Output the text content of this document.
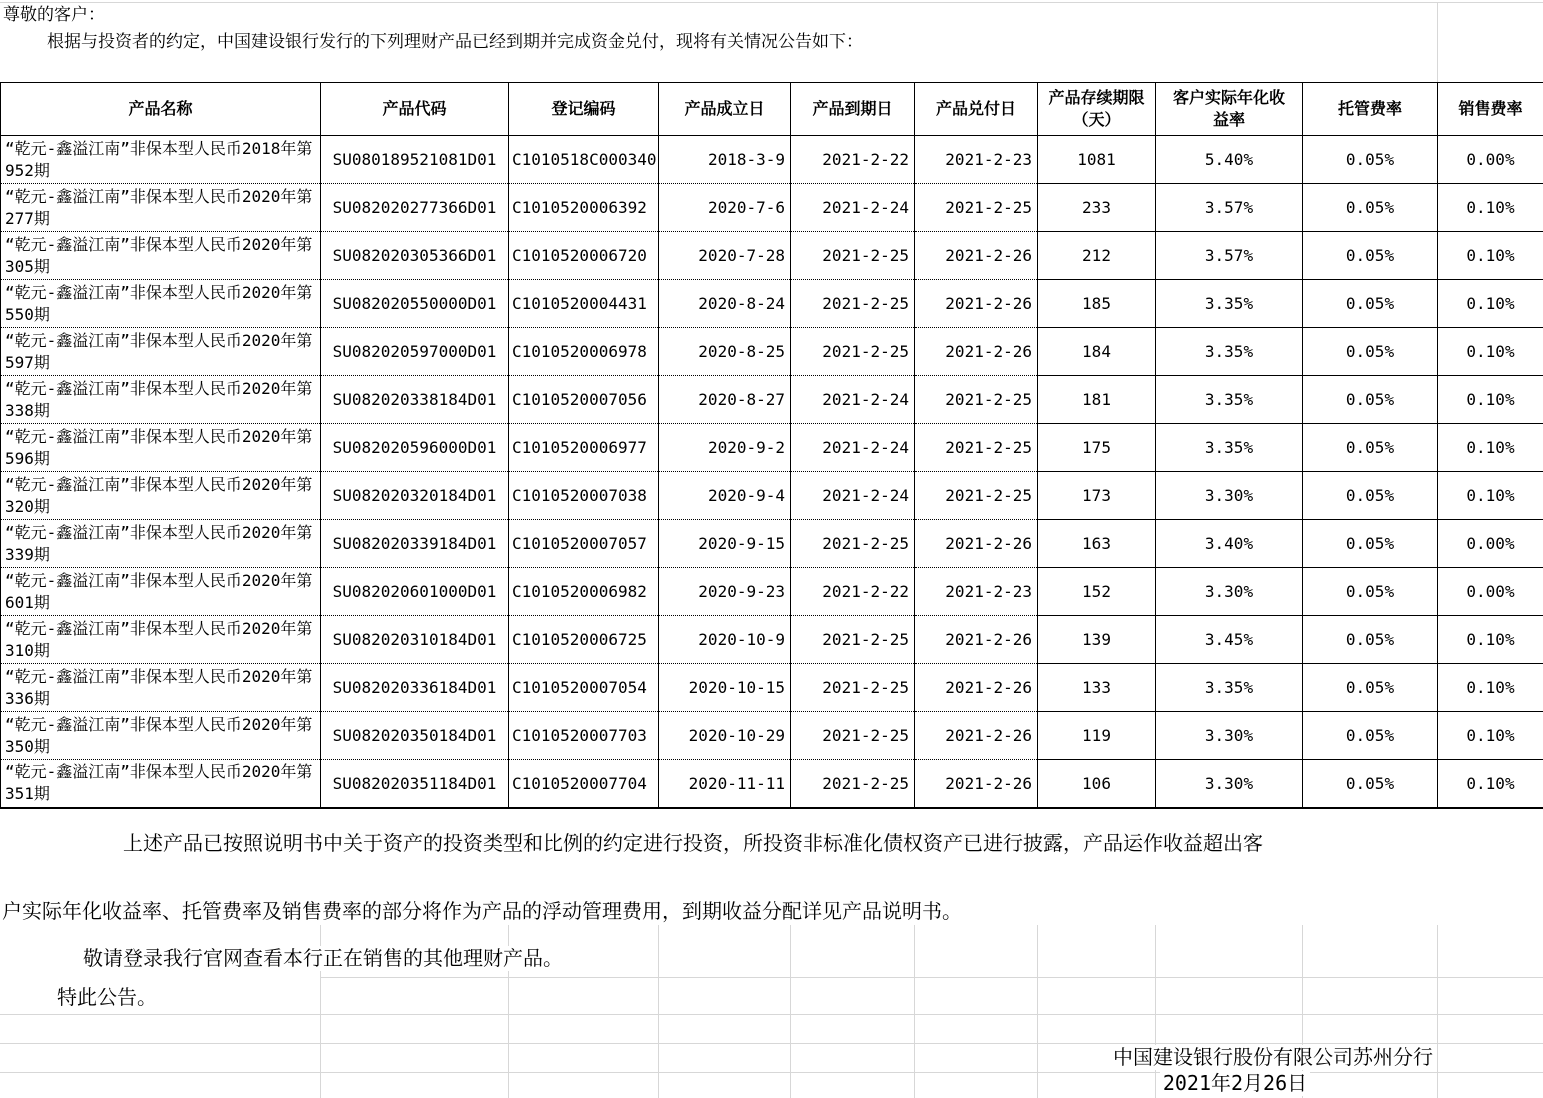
尊敬的客户：
根据与投资者的约定，中国建设银行发行的下列理财产品已经到期并完成资金兑付，现将有关情况公告如下：
产品名称	产品代码	登记编码	产品成立日	产品到期日	产品兑付日	产品存续期限（天）	客户实际年化收益率	托管费率	销售费率
“乾元-鑫溢江南”非保本型人民币2018年第952期	SU080189521081D01	C1010518C000340	2018-3-9	2021-2-22	2021-2-23	1081	5.40%	0.05%	0.00%
“乾元-鑫溢江南”非保本型人民币2020年第277期	SU082020277366D01	C1010520006392	2020-7-6	2021-2-24	2021-2-25	233	3.57%	0.05%	0.10%
“乾元-鑫溢江南”非保本型人民币2020年第305期	SU082020305366D01	C1010520006720	2020-7-28	2021-2-25	2021-2-26	212	3.57%	0.05%	0.10%
“乾元-鑫溢江南”非保本型人民币2020年第550期	SU082020550000D01	C1010520004431	2020-8-24	2021-2-25	2021-2-26	185	3.35%	0.05%	0.10%
“乾元-鑫溢江南”非保本型人民币2020年第597期	SU082020597000D01	C1010520006978	2020-8-25	2021-2-25	2021-2-26	184	3.35%	0.05%	0.10%
“乾元-鑫溢江南”非保本型人民币2020年第338期	SU082020338184D01	C1010520007056	2020-8-27	2021-2-24	2021-2-25	181	3.35%	0.05%	0.10%
“乾元-鑫溢江南”非保本型人民币2020年第596期	SU082020596000D01	C1010520006977	2020-9-2	2021-2-24	2021-2-25	175	3.35%	0.05%	0.10%
“乾元-鑫溢江南”非保本型人民币2020年第320期	SU082020320184D01	C1010520007038	2020-9-4	2021-2-24	2021-2-25	173	3.30%	0.05%	0.10%
“乾元-鑫溢江南”非保本型人民币2020年第339期	SU082020339184D01	C1010520007057	2020-9-15	2021-2-25	2021-2-26	163	3.40%	0.05%	0.00%
“乾元-鑫溢江南”非保本型人民币2020年第601期	SU082020601000D01	C1010520006982	2020-9-23	2021-2-22	2021-2-23	152	3.30%	0.05%	0.00%
“乾元-鑫溢江南”非保本型人民币2020年第310期	SU082020310184D01	C1010520006725	2020-10-9	2021-2-25	2021-2-26	139	3.45%	0.05%	0.10%
“乾元-鑫溢江南”非保本型人民币2020年第336期	SU082020336184D01	C1010520007054	2020-10-15	2021-2-25	2021-2-26	133	3.35%	0.05%	0.10%
“乾元-鑫溢江南”非保本型人民币2020年第350期	SU082020350184D01	C1010520007703	2020-10-29	2021-2-25	2021-2-26	119	3.30%	0.05%	0.10%
“乾元-鑫溢江南”非保本型人民币2020年第351期	SU082020351184D01	C1010520007704	2020-11-11	2021-2-25	2021-2-26	106	3.30%	0.05%	0.10%
上述产品已按照说明书中关于资产的投资类型和比例的约定进行投资，所投资非标准化债权资产已进行披露，产品运作收益超出客
户实际年化收益率、托管费率及销售费率的部分将作为产品的浮动管理费用，到期收益分配详见产品说明书。
敬请登录我行官网查看本行正在销售的其他理财产品。
特此公告。
中国建设银行股份有限公司苏州分行
2021年2月26日
